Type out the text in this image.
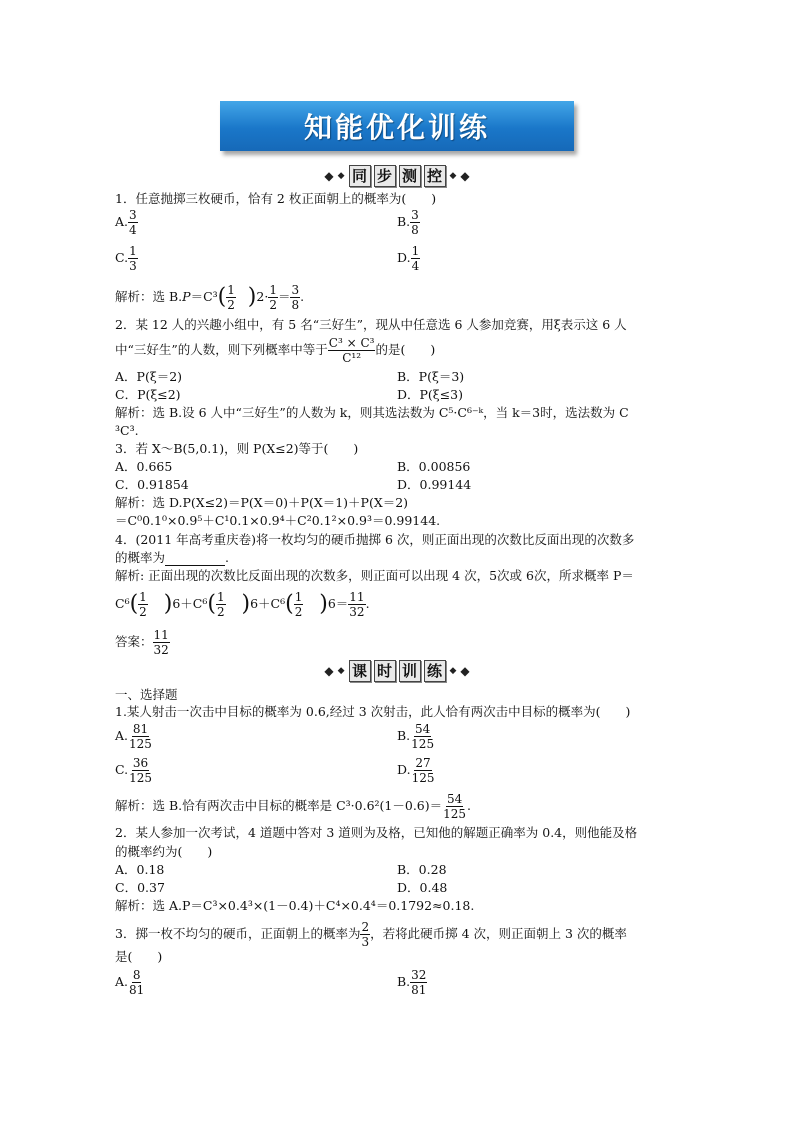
知能优化训练
◆ ◆ 同 步 测 控 ◆ ◆
1．任意抛掷三枚硬币，恰有 2 枚正面朝上的概率为(　　)
A. $\frac{3}{4}$	B. $\frac{3}{8}$
C. $\frac{1}{3}$	D. $\frac{1}{4}$
解析：选 $B.P=C^3( \frac{1}{2} )2\cdot \frac{1}{2} = \frac{3}{8}$ .
2．某 12 人的兴趣小组中，有 5 名“三好生”，现从中任意选 6 人参加竞赛，用ξ表示这 6 人
中“三好生”的人数，则下列概率中等于 $\frac{\text{C³ × C³}}{\text{C¹²}}$ 的是(　　)
A．P(ξ＝2)	B．P(ξ＝3)
C．P(ξ≤2)	D．P(ξ≤3)
解析：选 B.设 6 人中“三好生”的人数为 k，则其选法数为 C⁵·C⁶⁻ᵏ，当 k＝3时，选法数为 C
³C³.
3．若 X～B(5,0.1)，则 P(X≤2)等于(　　)
A．0.665	B．0.00856
C．0.91854	D．0.99144
解析：选 D.P(X≤2)＝P(X＝0)＋P(X＝1)＋P(X＝2)
＝C⁰0.1⁰×0.9⁵＋C¹0.1×0.9⁴＋C²0.1²×0.9³＝0.99144.
4．(2011 年高考重庆卷)将一枚均匀的硬币抛掷 6 次，则正面出现的次数比反面出现的次数多
的概率为	.
解析: 正面出现的次数比反面出现的次数多，则正面可以出现 4 次，5次或 6次，所求概率 P＝
$C^6( \frac{1}{2} )6+C^6( \frac{1}{2} )6+C^6( \frac{1}{2} )6= \frac{11}{32}$ .
答案： $\frac{11}{32}$
◆ ◆ 课 时 训 练 ◆ ◆
一、选择题
1.某人射击一次击中目标的概率为 0.6,经过 3 次射击，此人恰有两次击中目标的概率为(　　)
A. $\frac{81}{125}$	B. $\frac{54}{125}$
C. $\frac{36}{125}$	D. $\frac{27}{125}$
解析：选 B.恰有两次击中目标的概率是 $C^3\cdot 0.6^2(1-0.6)= \frac{54}{125}$ .
2．某人参加一次考试，4 道题中答对 3 道则为及格，已知他的解题正确率为 0.4，则他能及格
的概率约为(　　)
A．0.18	B．0.28
C．0.37	D．0.48
解析：选 A.P＝C³×0.4³×(1－0.4)＋C⁴×0.4⁴＝0.1792≈0.18.
3．掷一枚不均匀的硬币，正面朝上的概率为 $\frac{2}{3}$ ，若将此硬币掷 4 次，则正面朝上 3 次的概率
是(　　)
A. $\frac{8}{81}$	B. $\frac{32}{81}$
